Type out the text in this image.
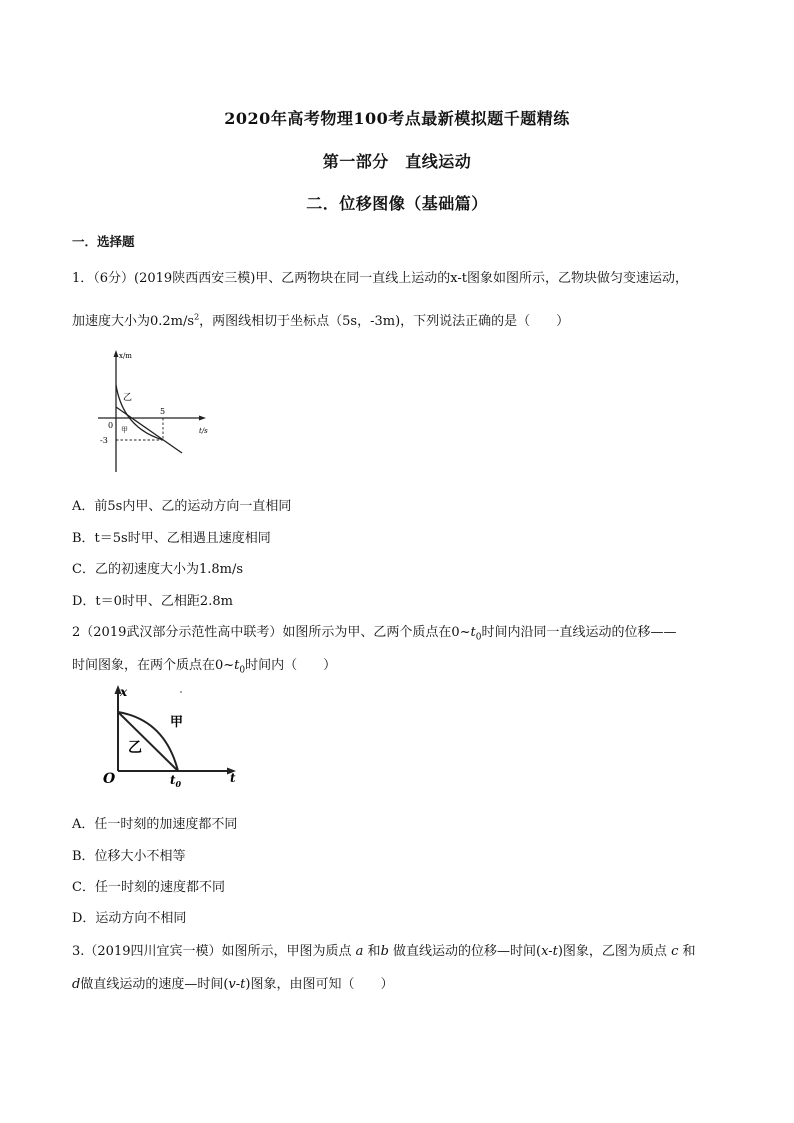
2020年高考物理100考点最新模拟题千题精练
第一部分　直线运动
二．位移图像（基础篇）
一．选择题
1．（6分）(2019陕西西安三模)甲、乙两物块在同一直线上运动的x-t图象如图所示，乙物块做匀变速运动，
加速度大小为$0.2m/s^2$，两图线相切于坐标点（5s，-3m)，下列说法正确的是（　　）
x/m
t/s
0
5
-3
乙
甲
A．前5s内甲、乙的运动方向一直相同
B．t＝5s时甲、乙相遇且速度相同
C．乙的初速度大小为1.8m/s
D．t＝0时甲、乙相距2.8m
2（2019武汉部分示范性高中联考）如图所示为甲、乙两个质点在$0\sim t_0$时间内沿同一直线运动的位移——
时间图象，在两个质点在$0\sim t_0$时间内（　　）
x
t
O	$t_0$
甲
乙
A．任一时刻的加速度都不同
B．位移大小不相等
C．任一时刻的速度都不同
D．运动方向不相同
3.（2019四川宜宾一模）如图所示，甲图为质点 a 和b 做直线运动的位移—时间(x-t)图象，乙图为质点 c 和
d做直线运动的速度—时间(v-t)图象，由图可知（　　）
